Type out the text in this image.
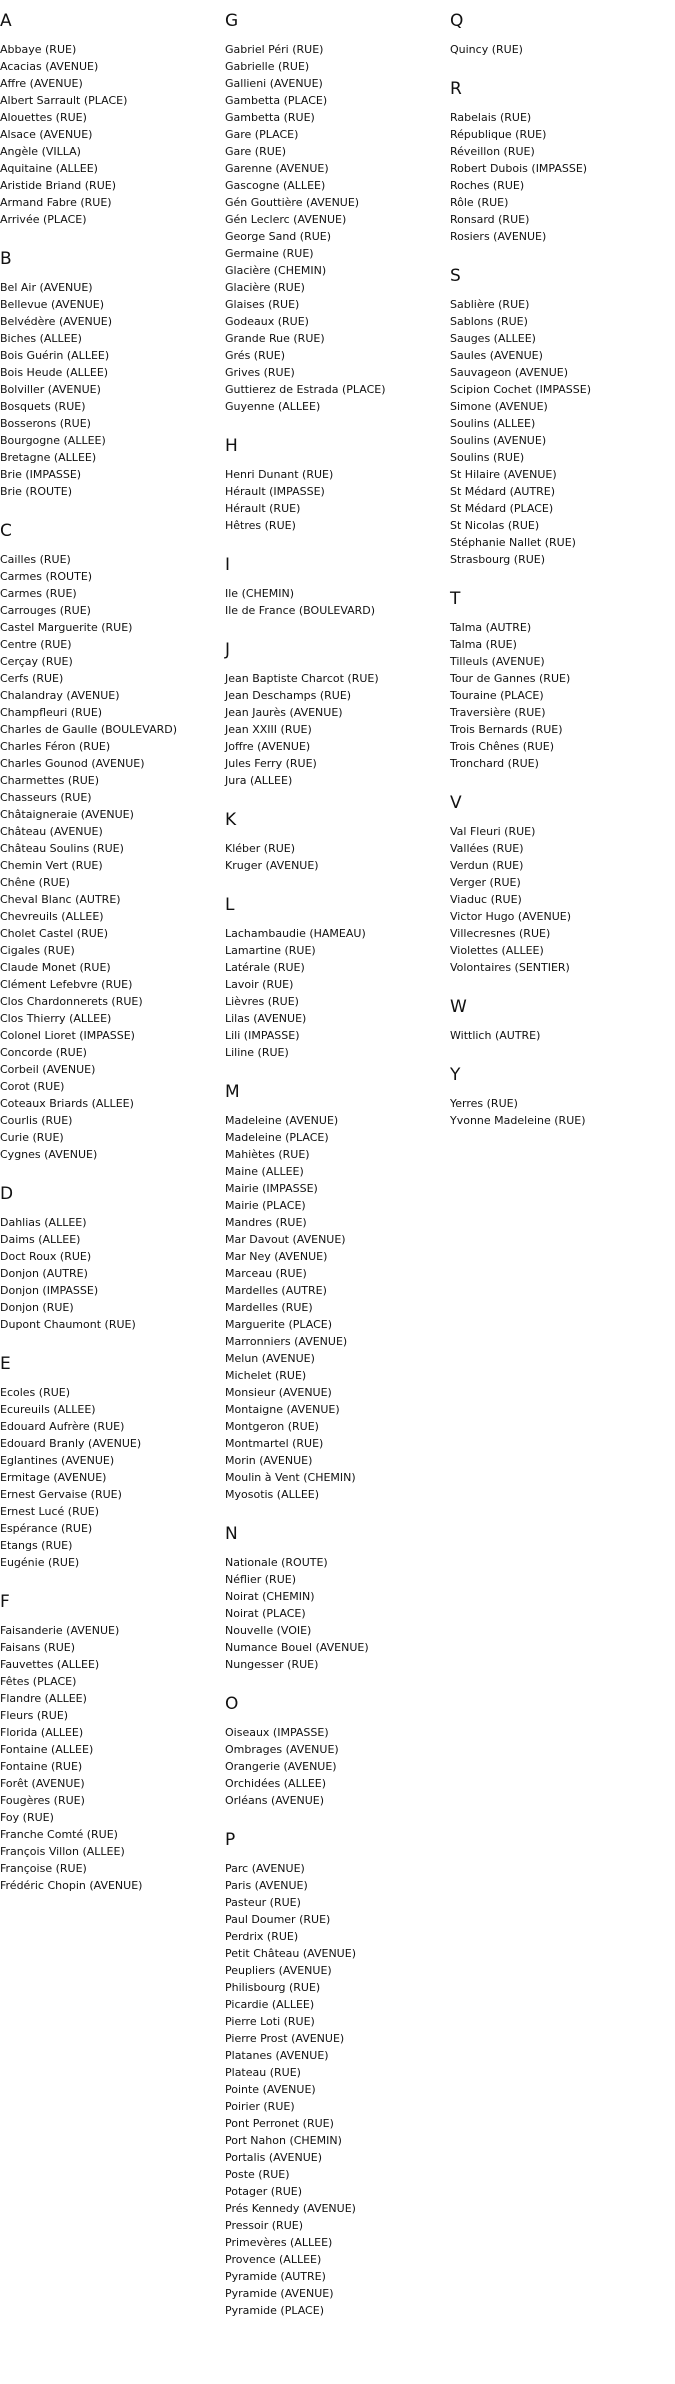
A
Abbaye (RUE)
Acacias (AVENUE)
Affre (AVENUE)
Albert Sarrault (PLACE)
Alouettes (RUE)
Alsace (AVENUE)
Angèle (VILLA)
Aquitaine (ALLEE)
Aristide Briand (RUE)
Armand Fabre (RUE)
Arrivée (PLACE)
B
Bel Air (AVENUE)
Bellevue (AVENUE)
Belvédère (AVENUE)
Biches (ALLEE)
Bois Guérin (ALLEE)
Bois Heude (ALLEE)
Bolviller (AVENUE)
Bosquets (RUE)
Bosserons (RUE)
Bourgogne (ALLEE)
Bretagne (ALLEE)
Brie (IMPASSE)
Brie (ROUTE)
C
Cailles (RUE)
Carmes (ROUTE)
Carmes (RUE)
Carrouges (RUE)
Castel Marguerite (RUE)
Centre (RUE)
Cerçay (RUE)
Cerfs (RUE)
Chalandray (AVENUE)
Champfleuri (RUE)
Charles de Gaulle (BOULEVARD)
Charles Féron (RUE)
Charles Gounod (AVENUE)
Charmettes (RUE)
Chasseurs (RUE)
Châtaigneraie (AVENUE)
Château (AVENUE)
Château Soulins (RUE)
Chemin Vert (RUE)
Chêne (RUE)
Cheval Blanc (AUTRE)
Chevreuils (ALLEE)
Cholet Castel (RUE)
Cigales (RUE)
Claude Monet (RUE)
Clément Lefebvre (RUE)
Clos Chardonnerets (RUE)
Clos Thierry (ALLEE)
Colonel Lioret (IMPASSE)
Concorde (RUE)
Corbeil (AVENUE)
Corot (RUE)
Coteaux Briards (ALLEE)
Courlis (RUE)
Curie (RUE)
Cygnes (AVENUE)
D
Dahlias (ALLEE)
Daims (ALLEE)
Doct Roux (RUE)
Donjon (AUTRE)
Donjon (IMPASSE)
Donjon (RUE)
Dupont Chaumont (RUE)
E
Ecoles (RUE)
Ecureuils (ALLEE)
Edouard Aufrère (RUE)
Edouard Branly (AVENUE)
Eglantines (AVENUE)
Ermitage (AVENUE)
Ernest Gervaise (RUE)
Ernest Lucé (RUE)
Espérance (RUE)
Etangs (RUE)
Eugénie (RUE)
F
Faisanderie (AVENUE)
Faisans (RUE)
Fauvettes (ALLEE)
Fêtes (PLACE)
Flandre (ALLEE)
Fleurs (RUE)
Florida (ALLEE)
Fontaine (ALLEE)
Fontaine (RUE)
Forêt (AVENUE)
Fougères (RUE)
Foy (RUE)
Franche Comté (RUE)
François Villon (ALLEE)
Françoise (RUE)
Frédéric Chopin (AVENUE)
G
Gabriel Péri (RUE)
Gabrielle (RUE)
Gallieni (AVENUE)
Gambetta (PLACE)
Gambetta (RUE)
Gare (PLACE)
Gare (RUE)
Garenne (AVENUE)
Gascogne (ALLEE)
Gén Gouttière (AVENUE)
Gén Leclerc (AVENUE)
George Sand (RUE)
Germaine (RUE)
Glacière (CHEMIN)
Glacière (RUE)
Glaises (RUE)
Godeaux (RUE)
Grande Rue (RUE)
Grés (RUE)
Grives (RUE)
Guttierez de Estrada (PLACE)
Guyenne (ALLEE)
H
Henri Dunant (RUE)
Hérault (IMPASSE)
Hérault (RUE)
Hêtres (RUE)
I
Ile (CHEMIN)
Ile de France (BOULEVARD)
J
Jean Baptiste Charcot (RUE)
Jean Deschamps (RUE)
Jean Jaurès (AVENUE)
Jean XXIII (RUE)
Joffre (AVENUE)
Jules Ferry (RUE)
Jura (ALLEE)
K
Kléber (RUE)
Kruger (AVENUE)
L
Lachambaudie (HAMEAU)
Lamartine (RUE)
Latérale (RUE)
Lavoir (RUE)
Lièvres (RUE)
Lilas (AVENUE)
Lili (IMPASSE)
Liline (RUE)
M
Madeleine (AVENUE)
Madeleine (PLACE)
Mahiètes (RUE)
Maine (ALLEE)
Mairie (IMPASSE)
Mairie (PLACE)
Mandres (RUE)
Mar Davout (AVENUE)
Mar Ney (AVENUE)
Marceau (RUE)
Mardelles (AUTRE)
Mardelles (RUE)
Marguerite (PLACE)
Marronniers (AVENUE)
Melun (AVENUE)
Michelet (RUE)
Monsieur (AVENUE)
Montaigne (AVENUE)
Montgeron (RUE)
Montmartel (RUE)
Morin (AVENUE)
Moulin à Vent (CHEMIN)
Myosotis (ALLEE)
N
Nationale (ROUTE)
Néflier (RUE)
Noirat (CHEMIN)
Noirat (PLACE)
Nouvelle (VOIE)
Numance Bouel (AVENUE)
Nungesser (RUE)
O
Oiseaux (IMPASSE)
Ombrages (AVENUE)
Orangerie (AVENUE)
Orchidées (ALLEE)
Orléans (AVENUE)
P
Parc (AVENUE)
Paris (AVENUE)
Pasteur (RUE)
Paul Doumer (RUE)
Perdrix (RUE)
Petit Château (AVENUE)
Peupliers (AVENUE)
Philisbourg (RUE)
Picardie (ALLEE)
Pierre Loti (RUE)
Pierre Prost (AVENUE)
Platanes (AVENUE)
Plateau (RUE)
Pointe (AVENUE)
Poirier (RUE)
Pont Perronet (RUE)
Port Nahon (CHEMIN)
Portalis (AVENUE)
Poste (RUE)
Potager (RUE)
Prés Kennedy (AVENUE)
Pressoir (RUE)
Primevères (ALLEE)
Provence (ALLEE)
Pyramide (AUTRE)
Pyramide (AVENUE)
Pyramide (PLACE)
Q
Quincy (RUE)
R
Rabelais (RUE)
République (RUE)
Réveillon (RUE)
Robert Dubois (IMPASSE)
Roches (RUE)
Rôle (RUE)
Ronsard (RUE)
Rosiers (AVENUE)
S
Sablière (RUE)
Sablons (RUE)
Sauges (ALLEE)
Saules (AVENUE)
Sauvageon (AVENUE)
Scipion Cochet (IMPASSE)
Simone (AVENUE)
Soulins (ALLEE)
Soulins (AVENUE)
Soulins (RUE)
St Hilaire (AVENUE)
St Médard (AUTRE)
St Médard (PLACE)
St Nicolas (RUE)
Stéphanie Nallet (RUE)
Strasbourg (RUE)
T
Talma (AUTRE)
Talma (RUE)
Tilleuls (AVENUE)
Tour de Gannes (RUE)
Touraine (PLACE)
Traversière (RUE)
Trois Bernards (RUE)
Trois Chênes (RUE)
Tronchard (RUE)
V
Val Fleuri (RUE)
Vallées (RUE)
Verdun (RUE)
Verger (RUE)
Viaduc (RUE)
Victor Hugo (AVENUE)
Villecresnes (RUE)
Violettes (ALLEE)
Volontaires (SENTIER)
W
Wittlich (AUTRE)
Y
Yerres (RUE)
Yvonne Madeleine (RUE)
